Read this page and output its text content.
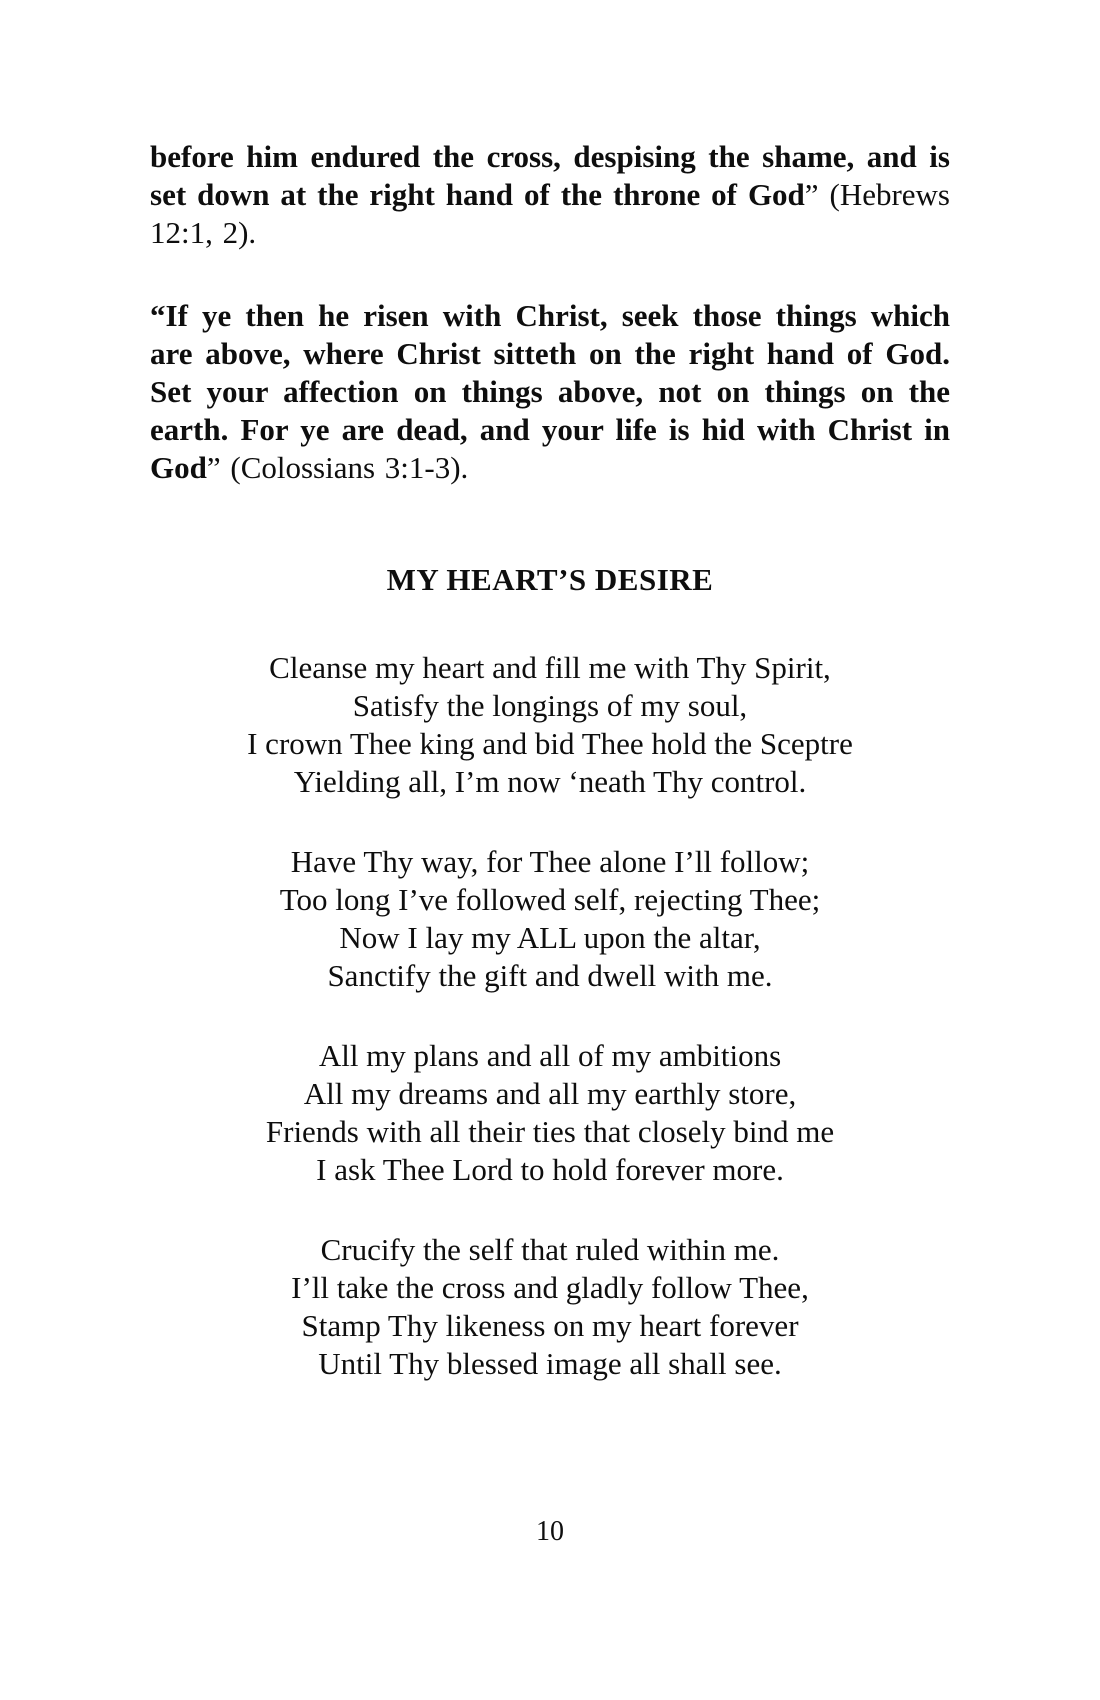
before him endured the cross, despising the shame, and is set down at the right hand of the throne of God” (Hebrews 12:1, 2).

“If ye then he risen with Christ, seek those things which are above, where Christ sitteth on the right hand of God. Set your affection on things above, not on things on the earth. For ye are dead, and your life is hid with Christ in God” (Colossians 3:1-3).

MY HEART’S DESIRE
Cleanse my heart and fill me with Thy Spirit,
Satisfy the longings of my soul,
I crown Thee king and bid Thee hold the Sceptre
Yielding all, I’m now ‘neath Thy control.
Have Thy way, for Thee alone I’ll follow;
Too long I’ve followed self, rejecting Thee;
Now I lay my ALL upon the altar,
Sanctify the gift and dwell with me.
All my plans and all of my ambitions
All my dreams and all my earthly store,
Friends with all their ties that closely bind me
I ask Thee Lord to hold forever more.
Crucify the self that ruled within me.
I’ll take the cross and gladly follow Thee,
Stamp Thy likeness on my heart forever
Until Thy blessed image all shall see.
10
